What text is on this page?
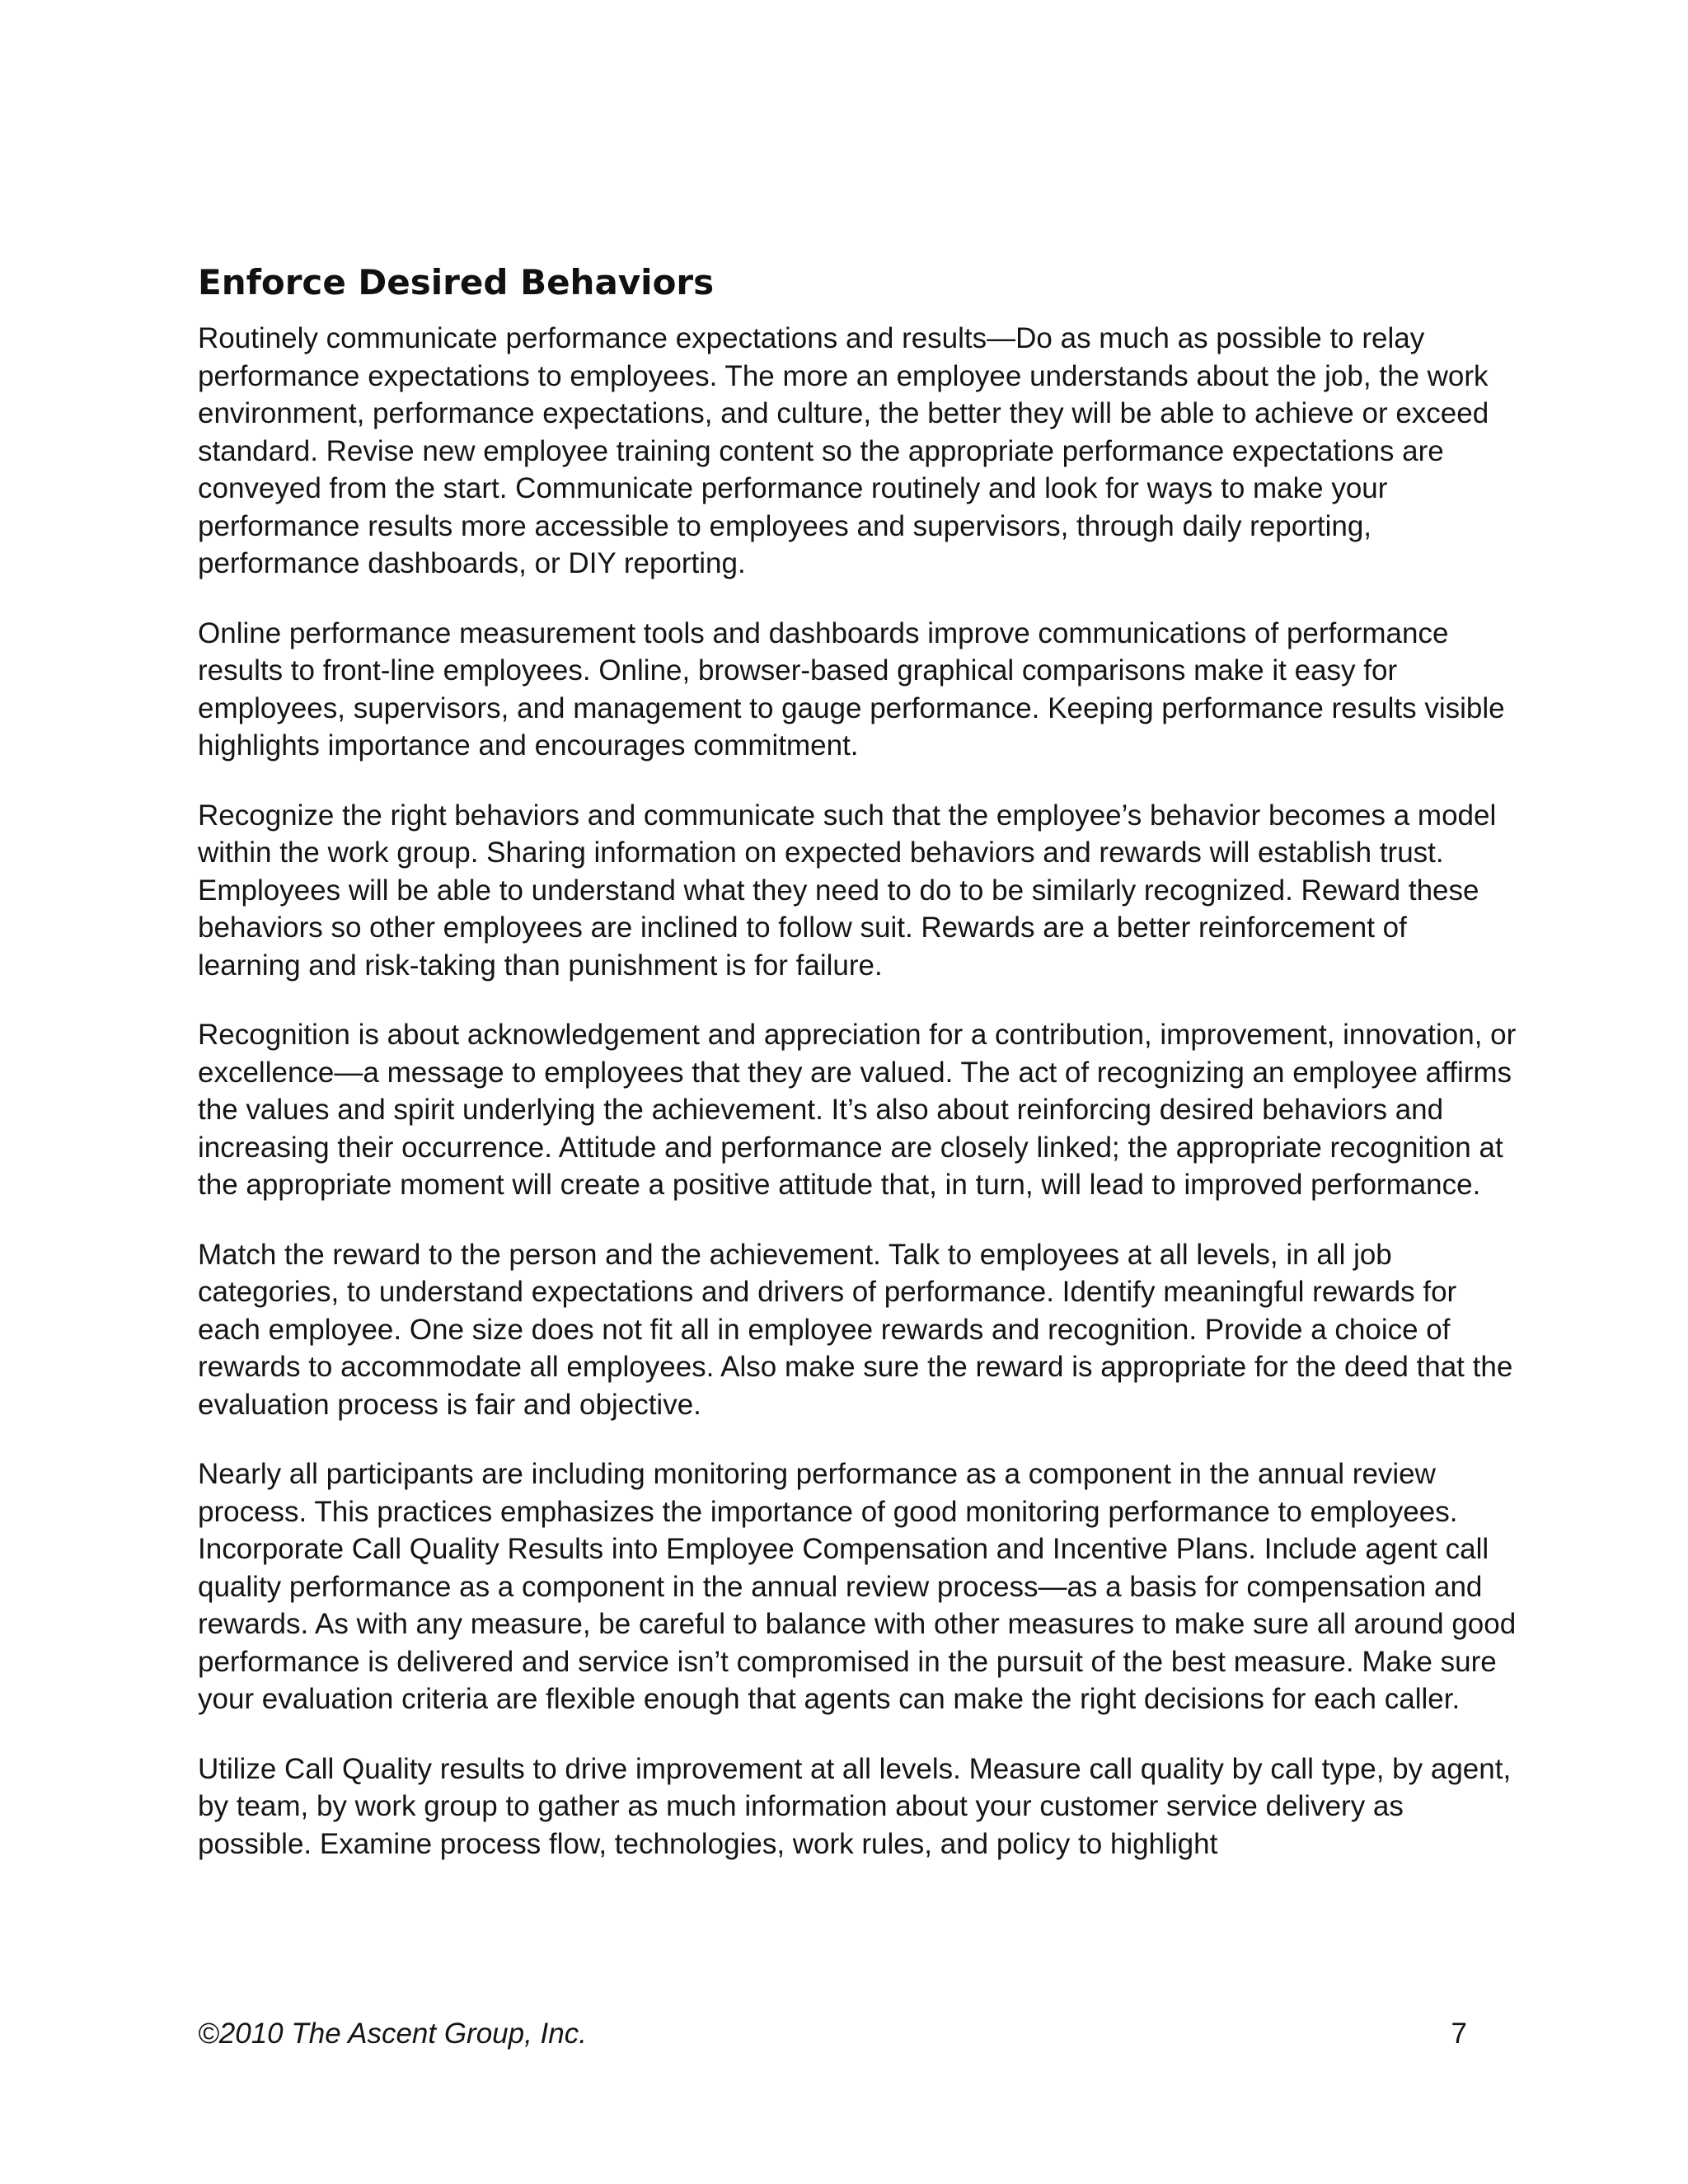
Enforce Desired Behaviors

Routinely communicate performance expectations and results—Do as much as possible to relay performance expectations to employees. The more an employee understands about the job, the work environment, performance expectations, and culture, the better they will be able to achieve or exceed standard. Revise new employee training content so the appropriate performance expectations are conveyed from the start. Communicate performance routinely and look for ways to make your performance results more accessible to employees and supervisors, through daily reporting, performance dashboards, or DIY reporting.

Online performance measurement tools and dashboards improve communications of performance results to front-line employees. Online, browser-based graphical comparisons make it easy for employees, supervisors, and management to gauge performance. Keeping performance results visible highlights importance and encourages commitment.

Recognize the right behaviors and communicate such that the employee’s behavior becomes a model within the work group. Sharing information on expected behaviors and rewards will establish trust. Employees will be able to understand what they need to do to be similarly recognized. Reward these behaviors so other employees are inclined to follow suit. Rewards are a better reinforcement of learning and risk-taking than punishment is for failure.

Recognition is about acknowledgement and appreciation for a contribution, improvement, innovation, or excellence—a message to employees that they are valued. The act of recognizing an employee affirms the values and spirit underlying the achievement. It’s also about reinforcing desired behaviors and increasing their occurrence. Attitude and performance are closely linked; the appropriate recognition at the appropriate moment will create a positive attitude that, in turn, will lead to improved performance.

Match the reward to the person and the achievement. Talk to employees at all levels, in all job categories, to understand expectations and drivers of performance. Identify meaningful rewards for each employee. One size does not fit all in employee rewards and recognition. Provide a choice of rewards to accommodate all employees. Also make sure the reward is appropriate for the deed that the evaluation process is fair and objective.

Nearly all participants are including monitoring performance as a component in the annual review process. This practices emphasizes the importance of good monitoring performance to employees. Incorporate Call Quality Results into Employee Compensation and Incentive Plans. Include agent call quality performance as a component in the annual review process—as a basis for compensation and rewards. As with any measure, be careful to balance with other measures to make sure all around good performance is delivered and service isn’t compromised in the pursuit of the best measure. Make sure your evaluation criteria are flexible enough that agents can make the right decisions for each caller.

Utilize Call Quality results to drive improvement at all levels. Measure call quality by call type, by agent, by team, by work group to gather as much information about your customer service delivery as possible. Examine process flow, technologies, work rules, and policy to highlight

©2010 The Ascent Group, Inc.	7
